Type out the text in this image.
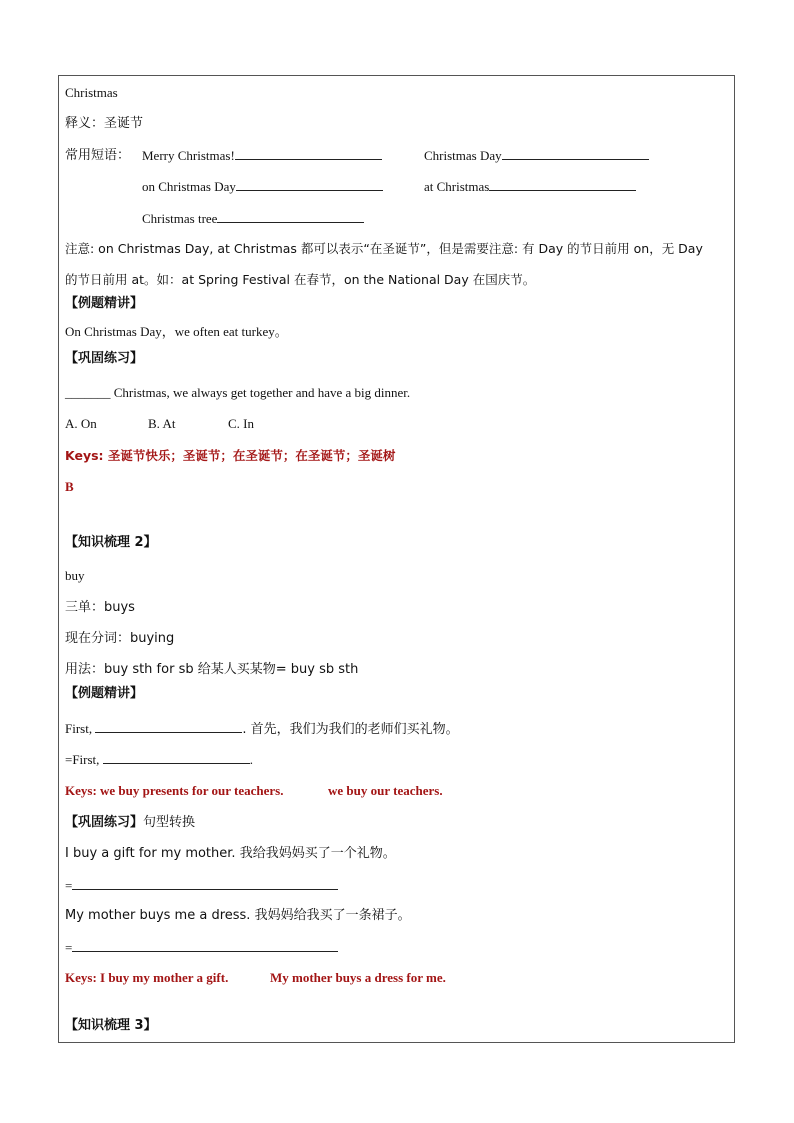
Christmas
释义：圣诞节
常用短语： Merry Christmas!	Christmas Day
on Christmas Day	at Christmas
Christmas tree
注意: on Christmas Day, at Christmas 都可以表示“在圣诞节”，但是需要注意: 有 Day 的节日前用 on，无 Day
的节日前用 at。如：at Spring Festival 在春节，on the National Day 在国庆节。
【例题精讲】
On Christmas Day，we often eat turkey。
【巩固练习】
_______ Christmas, we always get together and have a big dinner.
A. On	B. At	C. In
Keys: 圣诞节快乐；圣诞节；在圣诞节；在圣诞节；圣诞树
B
【知识梳理 2】
buy
三单：buys
现在分词：buying
用法：buy sth for sb 给某人买某物= buy sb sth
【例题精讲】
First,	. 首先，我们为我们的老师们买礼物。
=First,	.
Keys: we buy presents for our teachers.	we buy our teachers.
【巩固练习】句型转换
I buy a gift for my mother. 我给我妈妈买了一个礼物。
=
My mother buys me a dress. 我妈妈给我买了一条裙子。
=
Keys: I buy my mother a gift.	My mother buys a dress for me.
【知识梳理 3】
